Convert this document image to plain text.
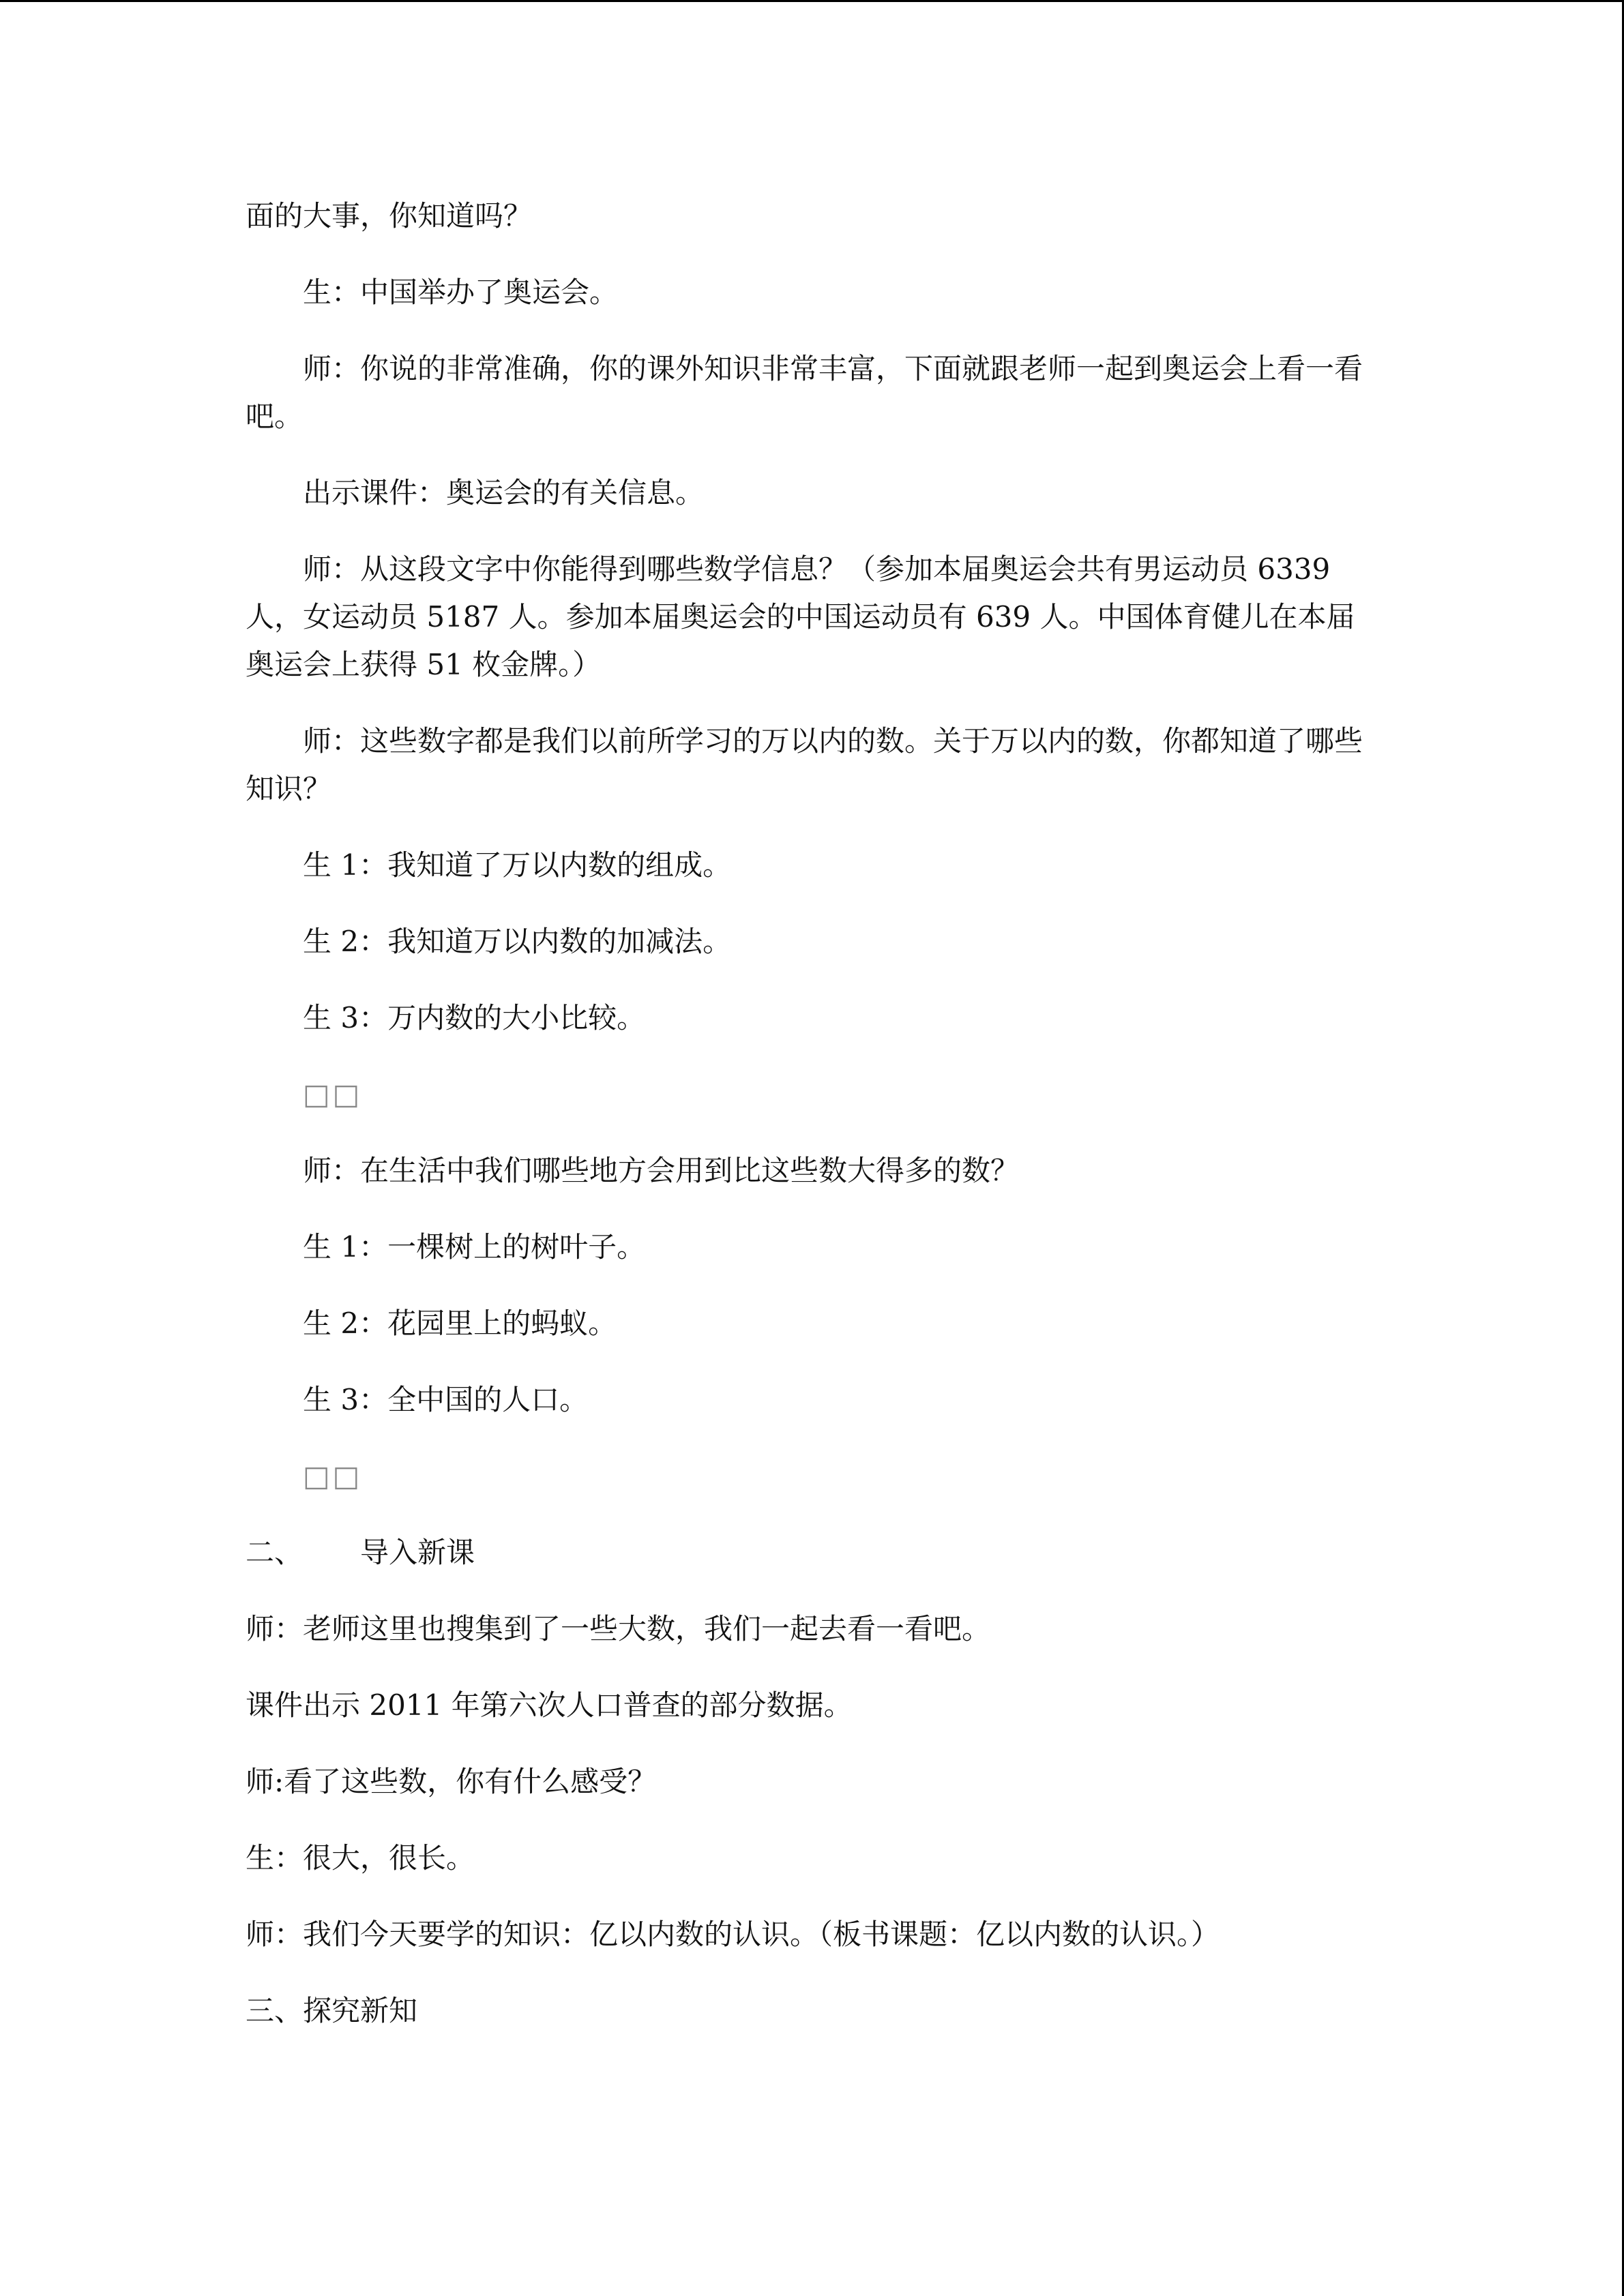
面的大事，你知道吗？

生：中国举办了奥运会。

师：你说的非常准确，你的课外知识非常丰富，下面就跟老师一起到奥运会上看一看吧。

出示课件：奥运会的有关信息。

师：从这段文字中你能得到哪些数学信息？（参加本届奥运会共有男运动员 6339 人，女运动员 5187 人。参加本届奥运会的中国运动员有 639 人。中国体育健儿在本届奥运会上获得 51 枚金牌。）

师：这些数字都是我们以前所学习的万以内的数。关于万以内的数，你都知道了哪些知识？

生 1：我知道了万以内数的组成。

生 2：我知道万以内数的加减法。

生 3：万内数的大小比较。

□□

师：在生活中我们哪些地方会用到比这些数大得多的数？

生 1：一棵树上的树叶子。

生 2：花园里上的蚂蚁。

生 3：全中国的人口。

□□

二、	导入新课

师：老师这里也搜集到了一些大数，我们一起去看一看吧。

课件出示 2011 年第六次人口普查的部分数据。

师:看了这些数，你有什么感受？

生：很大，很长。

师：我们今天要学的知识：亿以内数的认识。（板书课题：亿以内数的认识。）

三、探究新知
